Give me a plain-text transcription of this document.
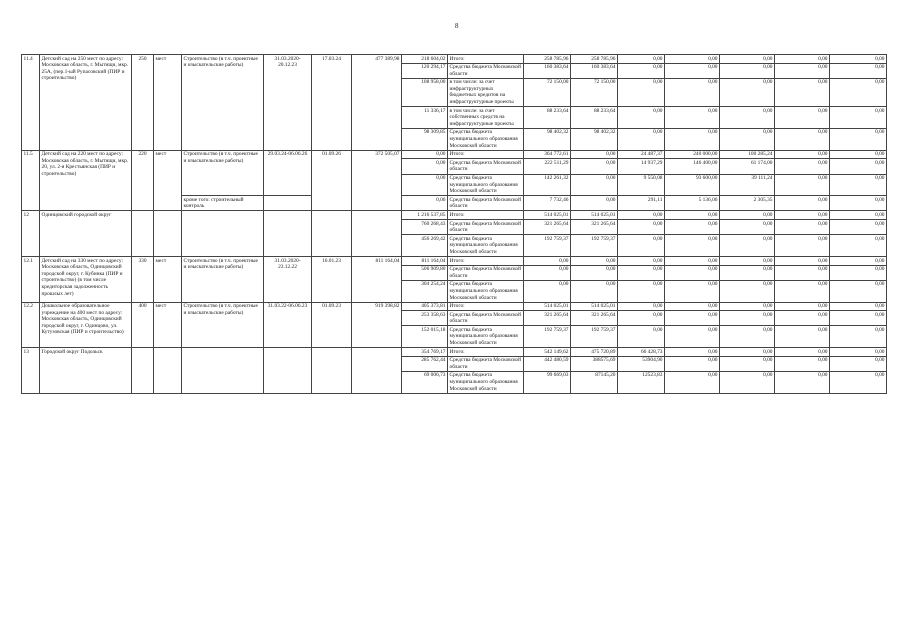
8
11.4	Детский сад на 250 мест по адресу: Московская область, г. Мытищи, мкр. 25А, (пер.1-ый Рупасовский (ПИР и строительство)	250	мест	Строительство (в т.ч. проектные и изыскательские работы)	31.03.2020-20.12.23	17.03.24	477 389,98	218 604,02	Итого:	258 785,96	258 785,96	0,00	0,00	0,00	0,00	0,00
								120 294,17	Средства бюджета Московской области	160 383,64	160 383,64	0,00	0,00	0,00	0,00	0,00
								108 958,00	в том числе: за счет инфраструктурных бюджетных кредитов на инфраструктурные проекты	72 150,00	72 150,00	0,00	0,00	0,00	0,00	0,00
								11 336,17	в том числе: за счет собственных средств на инфраструктурные проекты	88 233,64	88 233,64	0,00	0,00	0,00	0,00	0,00
								98 309,85	Средства бюджета муниципального образования Московской области	98 402,32	98 402,32	0,00	0,00	0,00	0,00	0,00
11.5	Детский сад на 220 мест по адресу: Московская область, г. Мытищи, мкр. 20, ул. 2-я Крестьянская (ПИР и строительство)	220	мест	Строительство (в т.ч. проектные и изыскательские работы)	29.03.24-06.06.26	01.09.26	372 505,07	0,00	Итого:	364 772,61	0,00	24 487,37	240 000,00	100 285,24	0,00	0,00
								0,00	Средства бюджета Московской области	222 511,29	0,00	14 937,29	146 400,00	61 174,00	0,00	0,00
								0,00	Средства бюджета муниципального образования Московской области	142 261,32	0,00	9 550,08	93 600,00	39 111,24	0,00	0,00
				кроме того: строительный контроль				0,00	Средства бюджета Московской области	7 732,46	0,00	291,11	5 136,00	2 305,35	0,00	0,00
12	Одинцовский городской округ							1 216 537,85	Итого:	514 025,01	514 025,01	0,00	0,00	0,00	0,00	0,00
								760 268,43	Средства бюджета Московской области	321 265,64	321 265,64	0,00	0,00	0,00	0,00	0,00
								456 269,42	Средства бюджета муниципального образования Московской области	192 759,37	192 759,37	0,00	0,00	0,00	0,00	0,00
12.1	Детский сад на 330 мест по адресу: Московская область, Одинцовский городской округ, г. Кубинка (ПИР и строительство) (в том числе кредиторская задолженность прошлых лет)	330	мест	Строительство (в т.ч. проектные и изыскательские работы)	31.03.2020-23.12.22	16.01.23	811 164,04	811 164,04	Итого:	0,00	0,00	0,00	0,00	0,00	0,00	0,00
								506 909,80	Средства бюджета Московской области	0,00	0,00	0,00	0,00	0,00	0,00	0,00
								304 254,24	Средства бюджета муниципального образования Московской области	0,00	0,00	0,00	0,00	0,00	0,00	0,00
12.2	Дошкольное образовательное учреждение на 400 мест по адресу: Московская область, Одинцовский городской округ, г. Одинцово, ул. Кутузовская (ПИР и строительство)	400	мест	Строительство (в т.ч. проектные и изыскательские работы)	31.03.22-06.06.23	01.09.23	919 398,82	405 373,81	Итого:	514 025,01	514 025,01	0,00	0,00	0,00	0,00	0,00
								253 358,63	Средства бюджета Московской области	321 265,64	321 265,64	0,00	0,00	0,00	0,00	0,00
								152 015,18	Средства бюджета муниципального образования Московской области	192 759,37	192 759,37	0,00	0,00	0,00	0,00	0,00
13	Городской округ Подольск							354 769,17	Итого:	542 149,62	475 720,89	66 428,73	0,00	0,00	0,00	0,00
								285 762,44	Средства бюджета Московской области	442 480,59	388575,69	53904,90	0,00	0,00	0,00	0,00
								69 006,73	Средства бюджета муниципального образования Московской области	99 669,03	87145,20	12523,83	0,00	0,00	0,00	0,00
